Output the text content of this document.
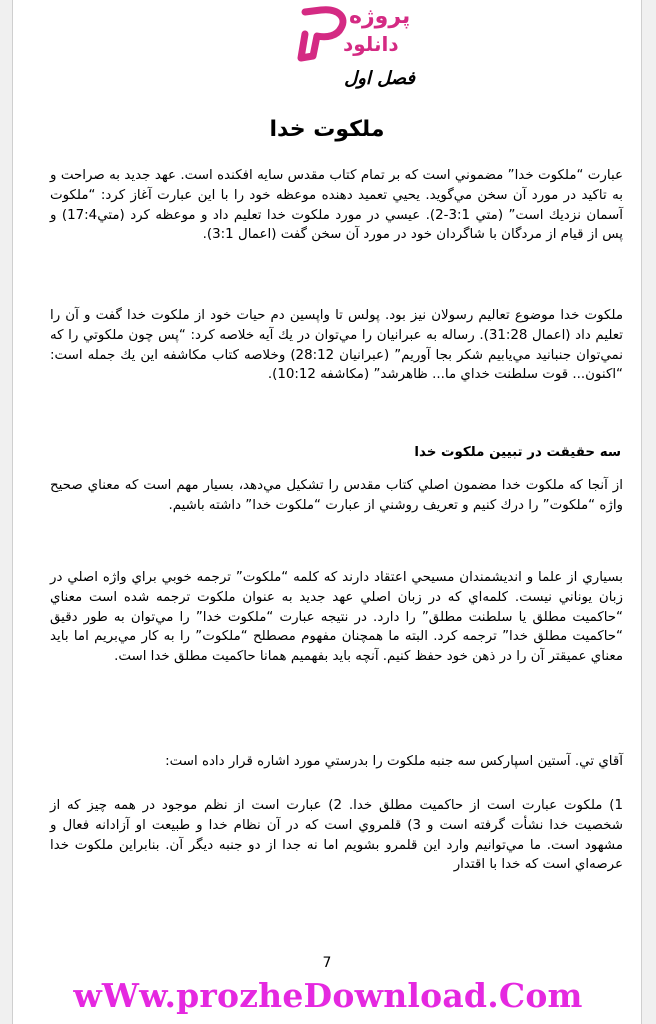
پروژه
دانلود
فصل اول
ملکوت خدا

عبارت “ملكوت خدا” مضموني است كه بر تمام كتاب مقدس سايه افكنده است. عهد جديد به صراحت و به تاكيد در مورد آن سخن مي‌گويد. يحيي تعميد دهنده موعظه خود را با اين عبارت آغاز كرد: “ملكوت آسمان نزديك است” (متي 3:1-2). عيسي در مورد ملكوت خدا تعليم داد و موعظه كرد (متي17:4) و پس از قيام از مردگان با شاگردان خود در مورد آن سخن گفت (اعمال 3:1).

ملكوت خدا موضوع تعاليم رسولان نيز بود. پولس تا واپسين دم حيات خود از ملكوت خدا گفت و آن را تعليم داد (اعمال 31:28). رساله به عبرانيان را مي‌توان در يك آيه خلاصه كرد: “پس چون ملكوتي را كه نمي‌توان جنبانيد مي‌يابيم شكر بجا آوريم” (عبرانيان 28:12) وخلاصه كتاب مكاشفه اين يك جمله است: “اكنون... قوت سلطنت خداي ما... ظاهرشد” (مكاشفه 10:12).

سه حقيقت در تبيين ملكوت خدا

از آنجا كه ملكوت خدا مضمون اصلي كتاب مقدس را تشكيل مي‌دهد، بسيار مهم است كه معناي صحيح واژه “ملكوت” را درك كنيم و تعريف روشني از عبارت “ملكوت خدا” داشته باشيم.

بسياري از علما و انديشمندان مسيحي اعتقاد دارند كه كلمه “ملكوت” ترجمه خوبي براي واژه اصلي در زبان يوناني نيست. كلمه‌اي كه در زبان اصلي عهد جديد به عنوان ملكوت ترجمه شده است معناي “حاكميت مطلق يا سلطنت مطلق” را دارد. در نتيجه عبارت “ملكوت خدا” را مي‌توان به طور دقيق “حاكميت مطلق خدا” ترجمه كرد. البته ما همچنان مفهوم مصطلح “ملكوت” را به كار مي‌بريم اما بايد معناي عميقتر آن را در ذهن خود حفظ كنيم. آنچه بايد بفهميم همانا حاكميت مطلق خدا است.

آقاي تي. آستين اسپاركس سه جنبه ملكوت را بدرستي مورد اشاره قرار داده است:

1) ملكوت عبارت است از حاكميت مطلق خدا. 2) عبارت است از نظم موجود در همه چيز كه از شخصيت خدا نشأت گرفته است و 3) قلمروي است كه در آن نظام خدا و طبيعت او آزادانه فعال و مشهود است. ما مي‌توانيم وارد اين قلمرو بشويم اما نه جدا از دو جنبه ديگر آن. بنابراين ملكوت خدا عرصه‌اي است كه خدا با اقتدار

7
wWw.prozheDownload.Com
